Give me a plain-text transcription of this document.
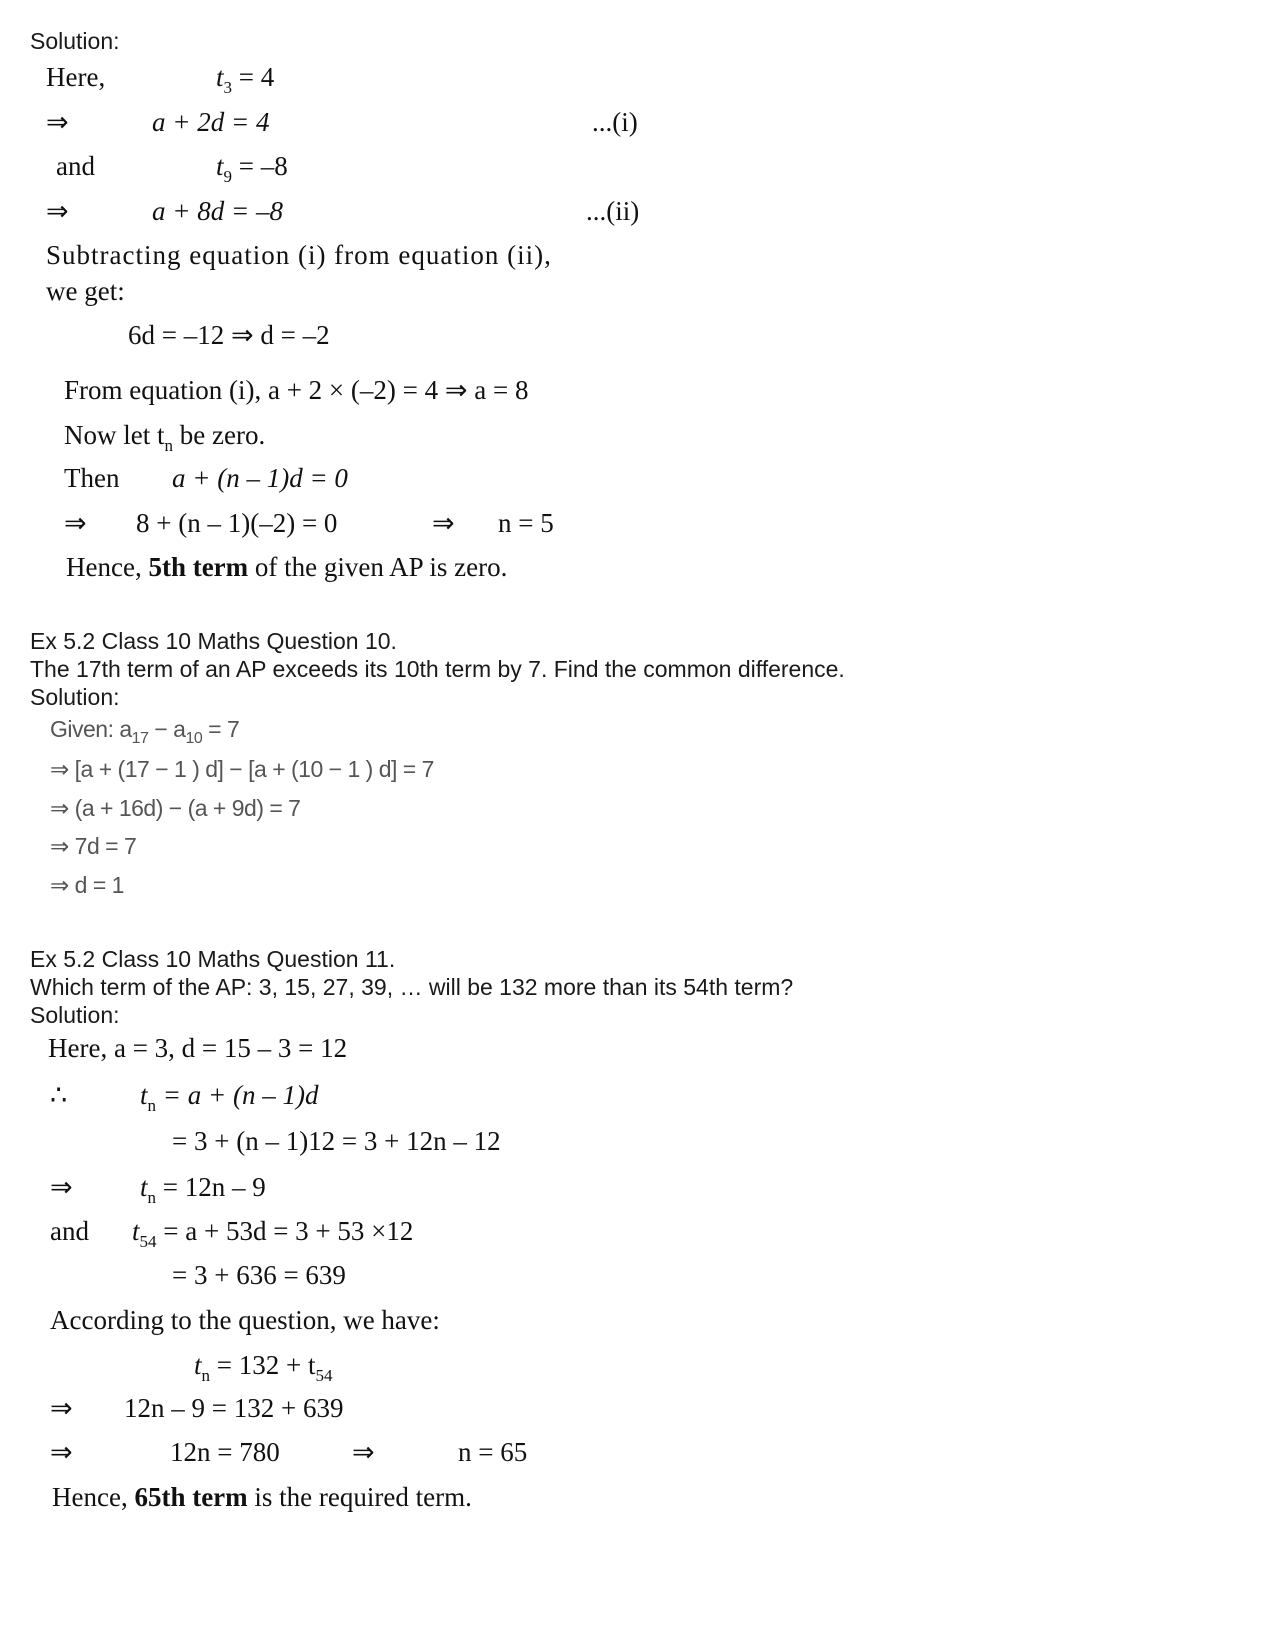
Solution:
Here,	$t_3 = 4$
⇒	a + 2d = 4	...(i)
and	$t_9 = -8$
⇒	a + 8d = –8	...(ii)
Subtracting equation (i) from equation (ii),
we get:
6d = –12 ⇒ d = –2
From equation (i), a + 2 × (–2) = 4 ⇒ a = 8
Now let $t_n$ be zero.
Then a + (n – 1)d = 0
⇒ 8 + (n – 1)(–2) = 0	⇒ n = 5
Hence, 5th term of the given AP is zero.
Ex 5.2 Class 10 Maths Question 10.
The 17th term of an AP exceeds its 10th term by 7. Find the common difference.
Solution:
Given: $a_{17} - a_{10} = 7$
⇒ [a + (17 − 1 ) d] − [a + (10 − 1 ) d] = 7
⇒ (a + 16d) − (a + 9d) = 7
⇒ 7d = 7
⇒ d = 1
Ex 5.2 Class 10 Maths Question 11.
Which term of the AP: 3, 15, 27, 39, … will be 132 more than its 54th term?
Solution:
Here, a = 3, d = 15 – 3 = 12
∴	$t_n = a + (n - 1)d$
= 3 + (n – 1)12 = 3 + 12n – 12
⇒ $t_n = 12n - 9$
and $t_{54} = a + 53d = 3 + 53 \times 12$
= 3 + 636 = 639
According to the question, we have:
$t_n = 132 + t_{54}$
⇒ 12n – 9 = 132 + 639
⇒	12n = 780	⇒	n = 65
Hence, 65th term is the required term.
